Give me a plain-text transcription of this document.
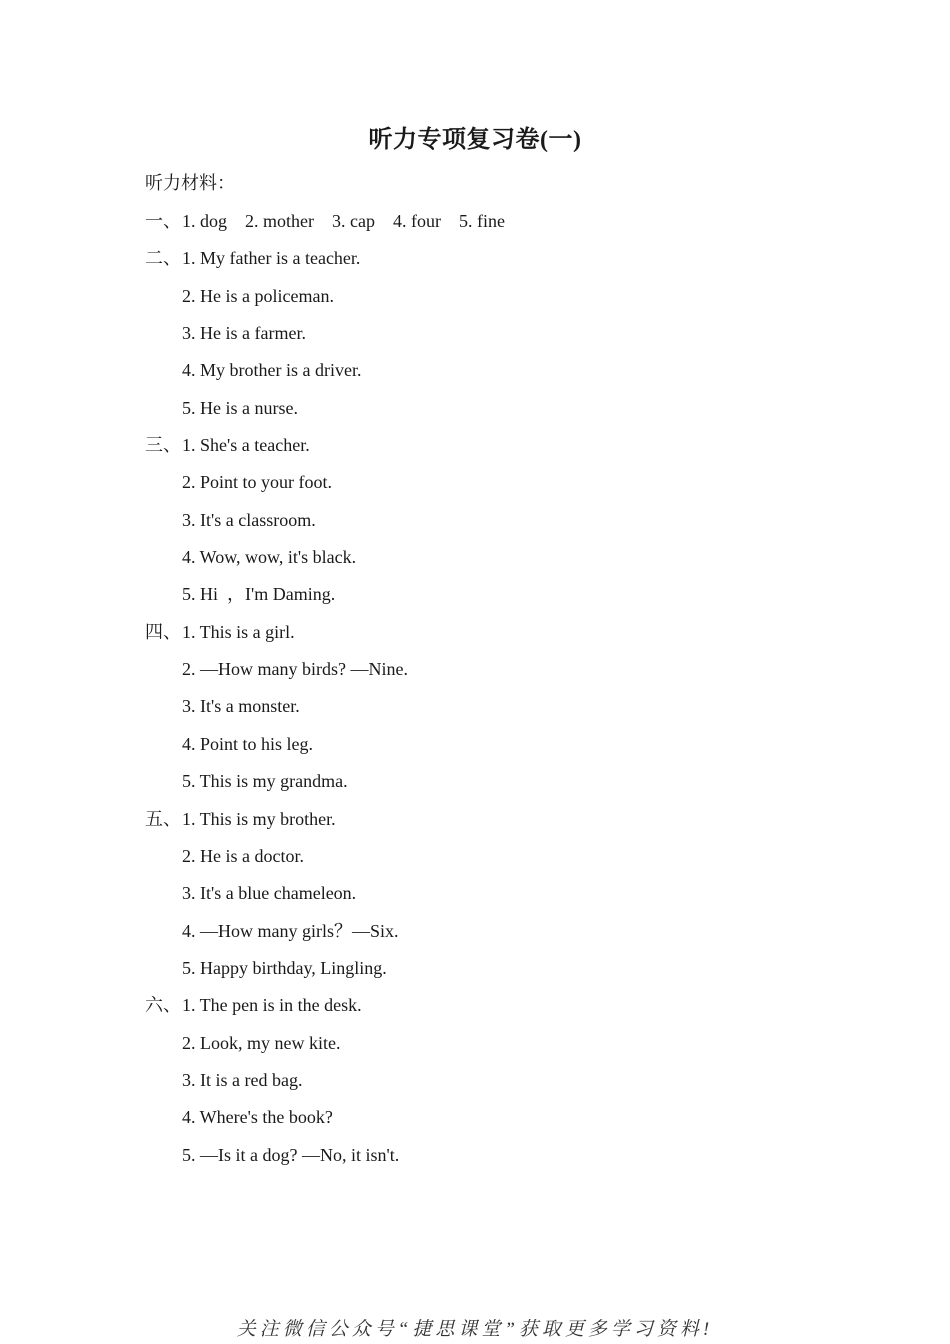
听力专项复习卷(一)
听力材料：

一、

1. dog    2. mother    3. cap    4. four    5. fine

二、

1. My father is a teacher.

2. He is a policeman.

3. He is a farmer.

4. My brother is a driver.

5. He is a nurse.

三、

1. She's a teacher.

2. Point to your foot.

3. It's a classroom.

4. Wow, wow, it's black.

5. Hi  ，I'm Daming.

四、

1. This is a girl.

2. —How many birds? —Nine.

3. It's a monster.

4. Point to his leg.

5. This is my grandma.

五、

1. This is my brother.

2. He is a doctor.

3. It's a blue chameleon.

4. —How many girls？—Six.

5. Happy birthday, Lingling.

六、

1. The pen is in the desk.

2. Look, my new kite.

3. It is a red bag.

4. Where's the book?

5. —Is it a dog? —No, it isn't.

关注微信公众号“捷思课堂”获取更多学习资料!
